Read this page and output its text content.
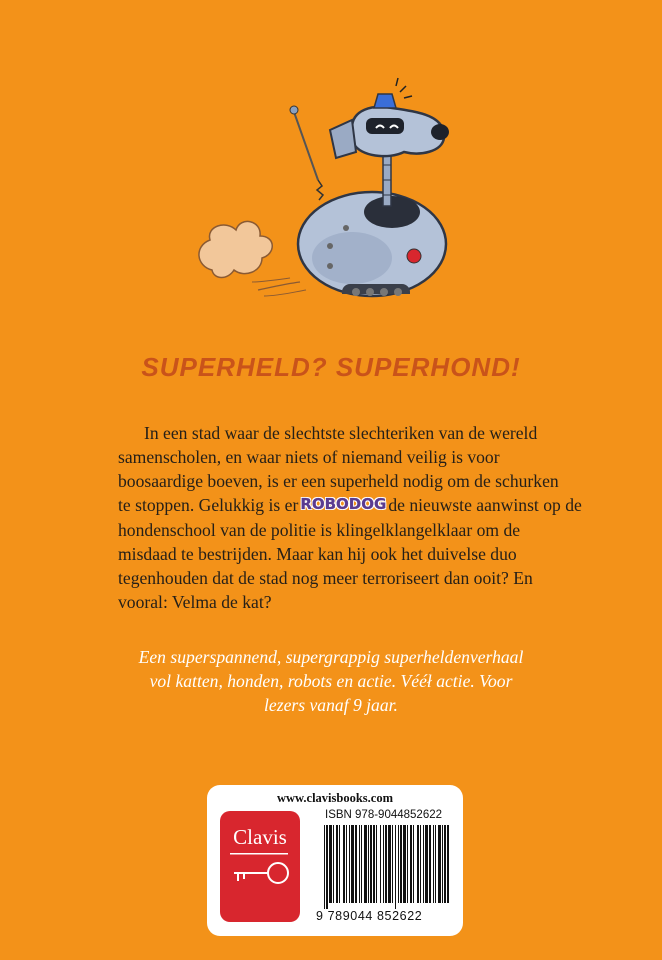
SUPERHELD? SUPERHOND!
In een stad waar de slechtste slechteriken van de wereld
samenscholen, en waar niets of niemand veilig is voor
boosaardige boeven, is er een superheld nodig om de schurken
te stoppen. Gelukkig is er ROBODOG de nieuwste aanwinst op de
hondenschool van de politie is klingelklangelklaar om de
misdaad te bestrijden. Maar kan hij ook het duivelse duo
tegenhouden dat de stad nog meer terroriseert dan ooit? En
vooral: Velma de kat?
Een superspannend, supergrappig superheldenverhaal
vol katten, honden, robots en actie. Vééł actie. Voor
lezers vanaf 9 jaar.
www.clavisbooks.com
Clavis
ISBN 978-9044852622
9 789044 852622
